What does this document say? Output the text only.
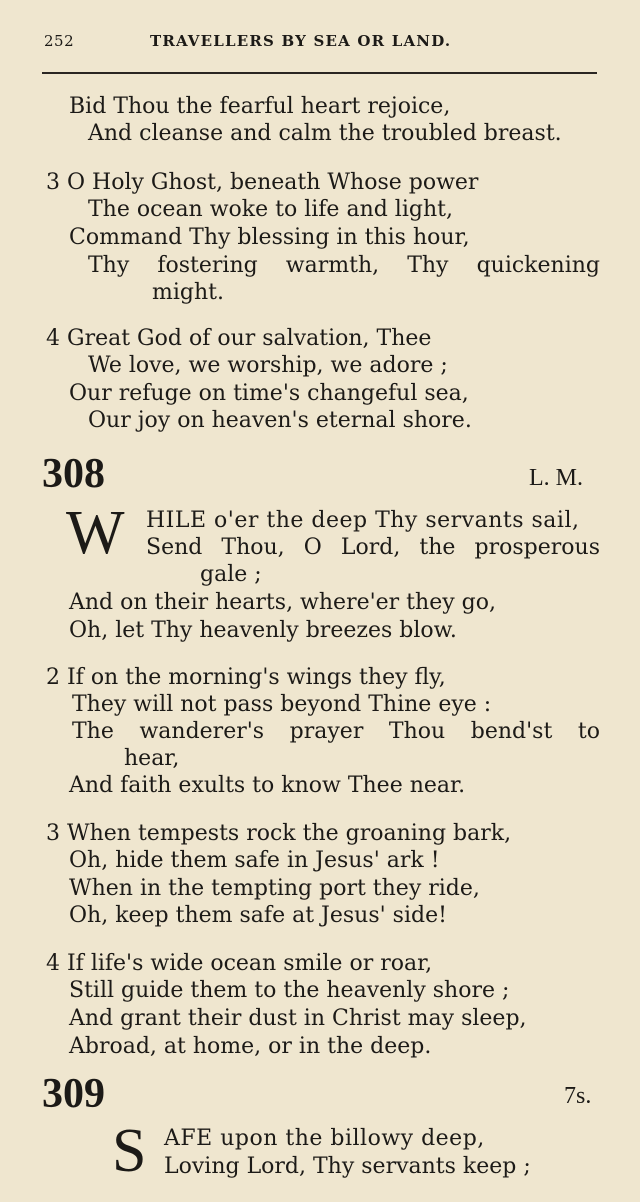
252	TRAVELLERS BY SEA OR LAND.
Bid Thou the fearful heart rejoice,
And cleanse and calm the troubled breast.
3 O Holy Ghost, beneath Whose power
The ocean woke to life and light,
Command Thy blessing in this hour,
Thy fostering warmth, Thy quickening
might.
4 Great God of our salvation, Thee
We love, we worship, we adore ;
Our refuge on time's changeful sea,
Our joy on heaven's eternal shore.
308	L. M.
W HILE o'er the deep Thy servants sail,
Send Thou, O Lord, the prosperous
gale ;
And on their hearts, where'er they go,
Oh, let Thy heavenly breezes blow.
2 If on the morning's wings they fly,
They will not pass beyond Thine eye :
The wanderer's prayer Thou bend'st to
hear,
And faith exults to know Thee near.
3 When tempests rock the groaning bark,
Oh, hide them safe in Jesus' ark !
When in the tempting port they ride,
Oh, keep them safe at Jesus' side!
4 If life's wide ocean smile or roar,
Still guide them to the heavenly shore ;
And grant their dust in Christ may sleep,
Abroad, at home, or in the deep.
309	7s.
S AFE upon the billowy deep,
Loving Lord, Thy servants keep ;
